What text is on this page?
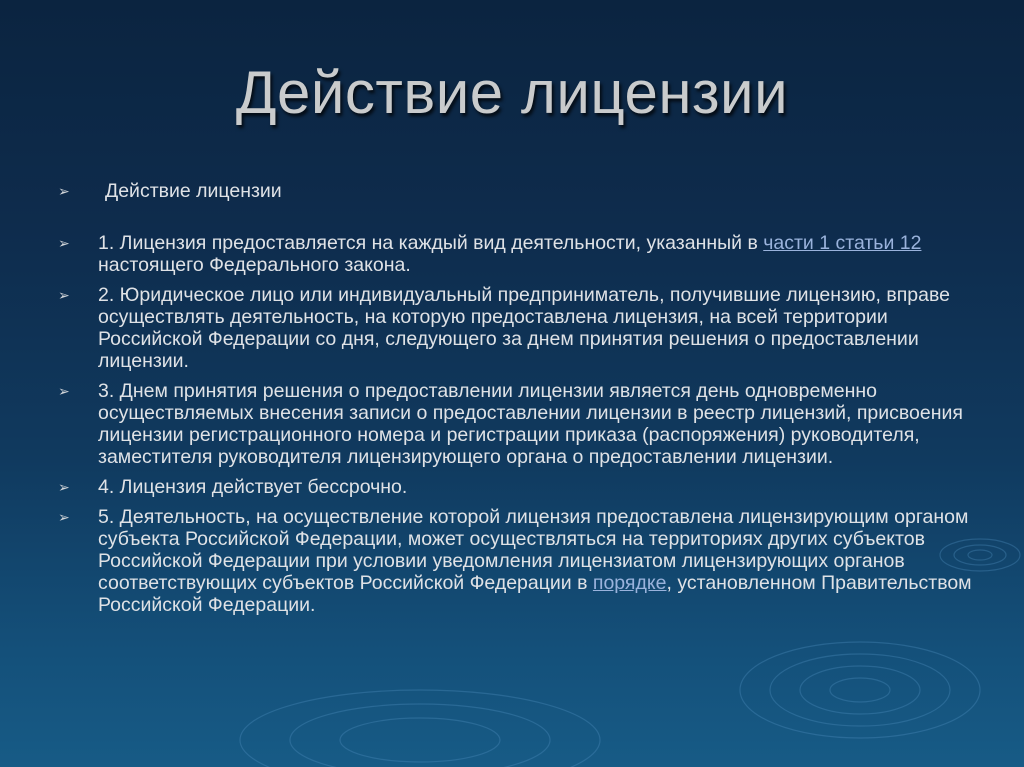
Действие лицензии
➢ Действие лицензии
➢ 1. Лицензия предоставляется на каждый вид деятельности, указанный в части 1 статьи 12 настоящего Федерального закона.
➢ 2. Юридическое лицо или индивидуальный предприниматель, получившие лицензию, вправе осуществлять деятельность, на которую предоставлена лицензия, на всей территории Российской Федерации со дня, следующего за днем принятия решения о предоставлении лицензии.
➢ 3. Днем принятия решения о предоставлении лицензии является день одновременно осуществляемых внесения записи о предоставлении лицензии в реестр лицензий, присвоения лицензии регистрационного номера и регистрации приказа (распоряжения) руководителя, заместителя руководителя лицензирующего органа о предоставлении лицензии.
➢ 4. Лицензия действует бессрочно.
➢ 5. Деятельность, на осуществление которой лицензия предоставлена лицензирующим органом субъекта Российской Федерации, может осуществляться на территориях других субъектов Российской Федерации при условии уведомления лицензиатом лицензирующих органов соответствующих субъектов Российской Федерации в порядке, установленном Правительством Российской Федерации.
